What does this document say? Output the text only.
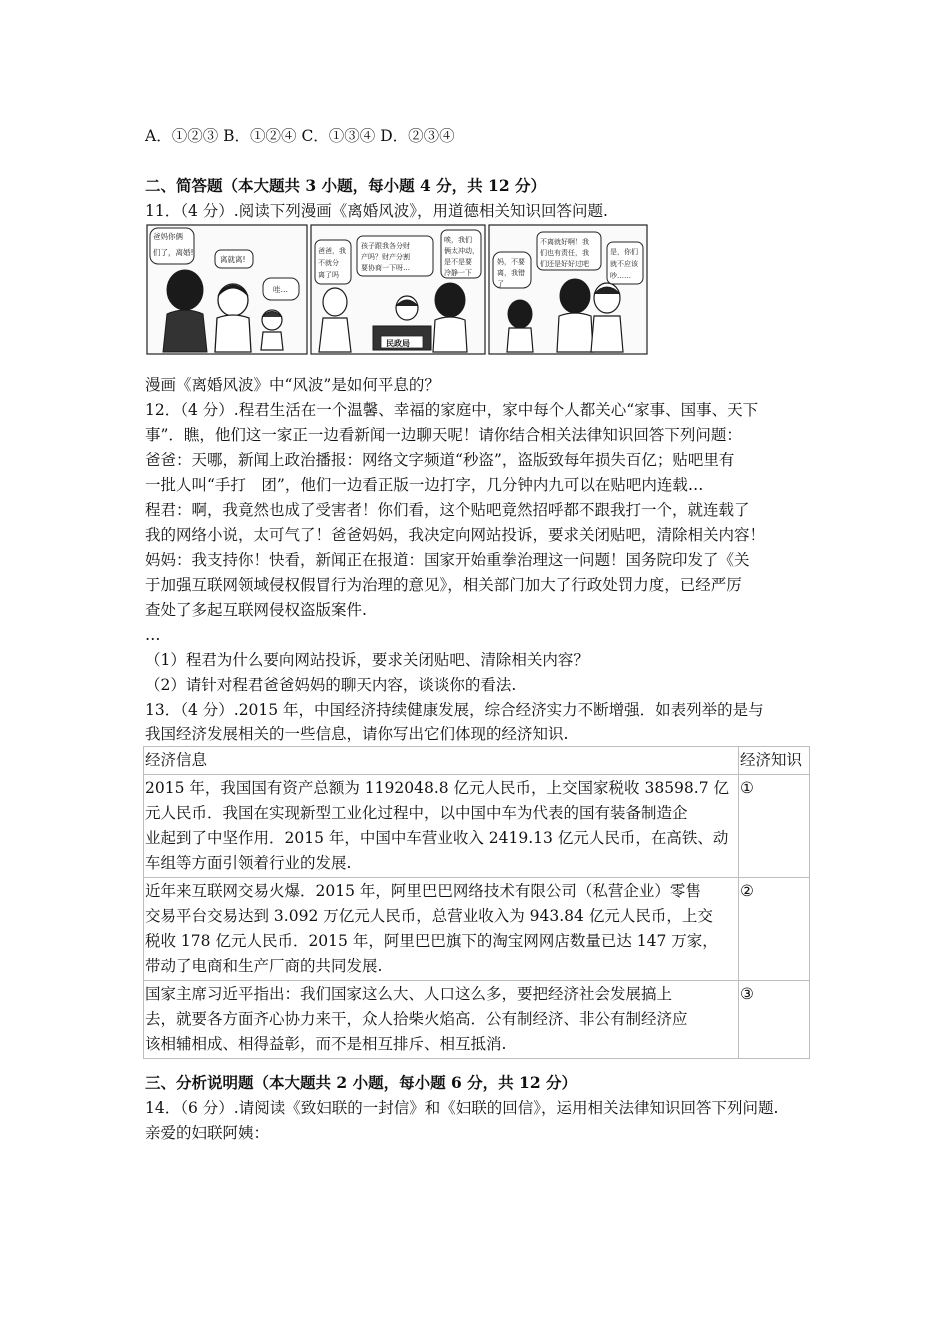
A．①②③ B．①②④ C．①③④ D．②③④
二、简答题（本大题共 3 小题，每小题 4 分，共 12 分）
11．（4 分）.阅读下列漫画《离婚风波》，用道德相关知识回答问题.
爸妈你俩
们了，离婚!
离就离!
哇…
爸爸，我
不就分
离了吗
孩子跟我各分财
产吗？财产分割
要协商一下呀…
唉，我们
俩太冲动，
是不是要
冷静一下
民政局
妈，不要
离，我错
了
不离就好啊！我
们也有责任，我
们还是好好过吧
是，你们
就不应该
吵……
漫画《离婚风波》中“风波”是如何平息的？
12．（4 分）.程君生活在一个温馨、幸福的家庭中，家中每个人都关心“家事、国事、天下
事”．瞧，他们这一家正一边看新闻一边聊天呢！请你结合相关法律知识回答下列问题：
爸爸：天哪，新闻上政治播报：网络文字频道“秒盗”，盗版致每年损失百亿；贴吧里有
一批人叫“手打　团”，他们一边看正版一边打字，几分钟内九可以在贴吧内连载…
程君：啊，我竟然也成了受害者！你们看，这个贴吧竟然招呼都不跟我打一个，就连载了
我的网络小说，太可气了！爸爸妈妈，我决定向网站投诉，要求关闭贴吧，清除相关内容！
妈妈：我支持你！快看，新闻正在报道：国家开始重拳治理这一问题！国务院印发了《关
于加强互联网领域侵权假冒行为治理的意见》，相关部门加大了行政处罚力度，已经严厉
查处了多起互联网侵权盗版案件.
…
（1）程君为什么要向网站投诉，要求关闭贴吧、清除相关内容？
（2）请针对程君爸爸妈妈的聊天内容，谈谈你的看法.
13．（4 分）.2015 年，中国经济持续健康发展，综合经济实力不断增强．如表列举的是与
我国经济发展相关的一些信息，请你写出它们体现的经济知识.
经济信息	经济知识

2015 年，我国国有资产总额为 1192048.8 亿元人民币，上交国家税收 38598.7 亿
元人民币．我国在实现新型工业化过程中，以中国中车为代表的国有装备制造企
业起到了中坚作用．2015 年，中国中车营业收入 2419.13 亿元人民币，在高铁、动
车组等方面引领着行业的发展.	①

近年来互联网交易火爆．2015 年，阿里巴巴网络技术有限公司（私营企业）零售
交易平台交易达到 3.092 万亿元人民币，总营业收入为 943.84 亿元人民币，上交
税收 178 亿元人民币．2015 年，阿里巴巴旗下的淘宝网网店数量已达 147 万家，
带动了电商和生产厂商的共同发展.	②

国家主席习近平指出：我们国家这么大、人口这么多，要把经济社会发展搞上
去，就要各方面齐心协力来干，众人拾柴火焰高．公有制经济、非公有制经济应
该相辅相成、相得益彰，而不是相互排斥、相互抵消.	③
三、分析说明题（本大题共 2 小题，每小题 6 分，共 12 分）
14．（6 分）.请阅读《致妇联的一封信》和《妇联的回信》，运用相关法律知识回答下列问题.
亲爱的妇联阿姨：
